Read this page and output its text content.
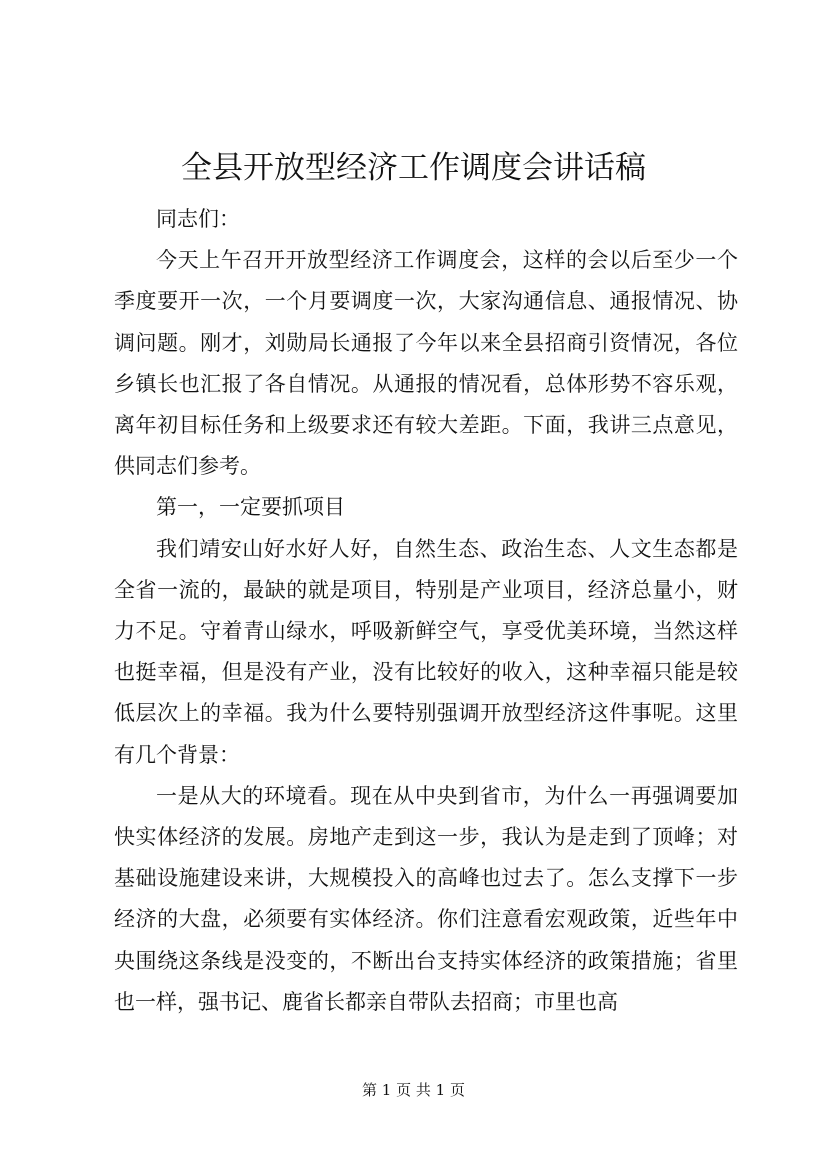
全县开放型经济工作调度会讲话稿

同志们：

今天上午召开开放型经济工作调度会，这样的会以后至少一个季度要开一次，一个月要调度一次，大家沟通信息、通报情况、协调问题。刚才，刘勋局长通报了今年以来全县招商引资情况，各位乡镇长也汇报了各自情况。从通报的情况看，总体形势不容乐观，离年初目标任务和上级要求还有较大差距。下面，我讲三点意见，供同志们参考。

第一，一定要抓项目

我们靖安山好水好人好，自然生态、政治生态、人文生态都是全省一流的，最缺的就是项目，特别是产业项目，经济总量小，财力不足。守着青山绿水，呼吸新鲜空气，享受优美环境，当然这样也挺幸福，但是没有产业，没有比较好的收入，这种幸福只能是较低层次上的幸福。我为什么要特别强调开放型经济这件事呢。这里有几个背景：

一是从大的环境看。现在从中央到省市，为什么一再强调要加快实体经济的发展。房地产走到这一步，我认为是走到了顶峰；对基础设施建设来讲，大规模投入的高峰也过去了。怎么支撑下一步经济的大盘，必须要有实体经济。你们注意看宏观政策，近些年中央围绕这条线是没变的，不断出台支持实体经济的政策措施；省里也一样，强书记、鹿省长都亲自带队去招商；市里也高

第 1 页 共 1 页
